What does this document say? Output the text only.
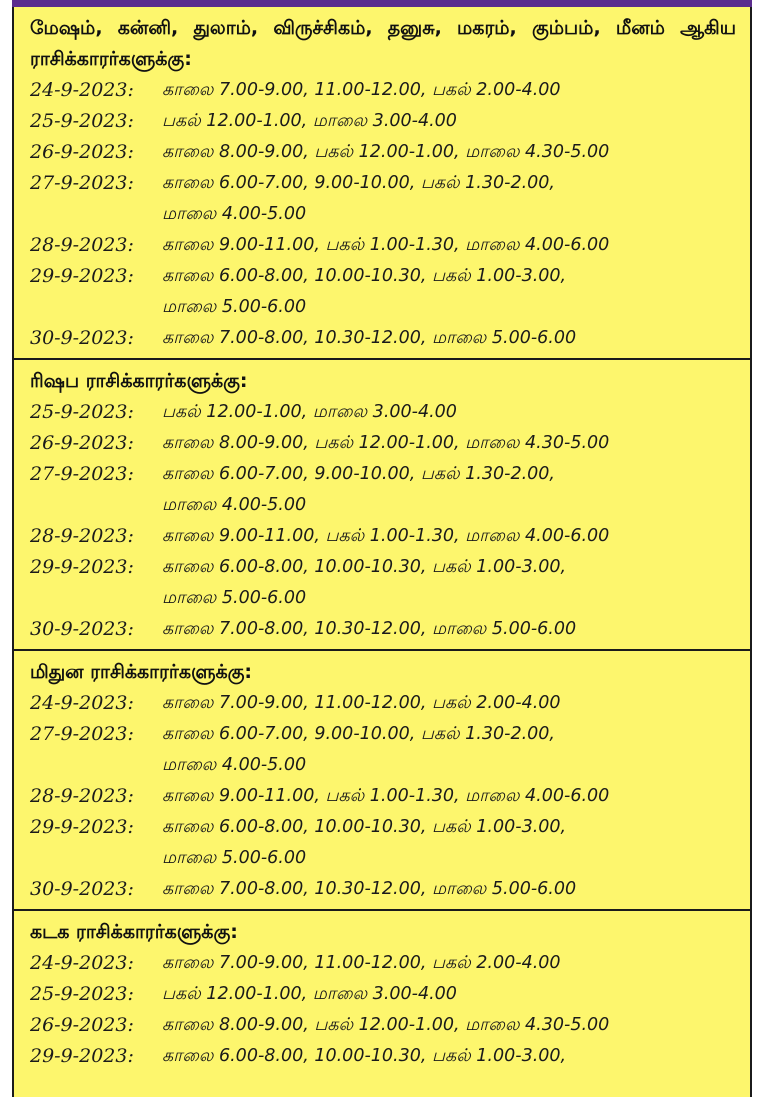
மேஷம், கன்னி, துலாம், விருச்சிகம், தனுசு, மகரம், கும்பம், மீனம் ஆகிய ராசிக்காரர்களுக்கு:
24-9-2023:	காலை 7.00-9.00, 11.00-12.00, பகல் 2.00-4.00
25-9-2023:	பகல் 12.00-1.00, மாலை 3.00-4.00
26-9-2023:	காலை 8.00-9.00, பகல் 12.00-1.00, மாலை 4.30-5.00
27-9-2023:	காலை 6.00-7.00, 9.00-10.00, பகல் 1.30-2.00,
மாலை 4.00-5.00
28-9-2023:	காலை 9.00-11.00, பகல் 1.00-1.30, மாலை 4.00-6.00
29-9-2023:	காலை 6.00-8.00, 10.00-10.30, பகல் 1.00-3.00,
மாலை 5.00-6.00
30-9-2023:	காலை 7.00-8.00, 10.30-12.00, மாலை 5.00-6.00
ரிஷப ராசிக்காரர்களுக்கு:
25-9-2023:	பகல் 12.00-1.00, மாலை 3.00-4.00
26-9-2023:	காலை 8.00-9.00, பகல் 12.00-1.00, மாலை 4.30-5.00
27-9-2023:	காலை 6.00-7.00, 9.00-10.00, பகல் 1.30-2.00,
மாலை 4.00-5.00
28-9-2023:	காலை 9.00-11.00, பகல் 1.00-1.30, மாலை 4.00-6.00
29-9-2023:	காலை 6.00-8.00, 10.00-10.30, பகல் 1.00-3.00,
மாலை 5.00-6.00
30-9-2023:	காலை 7.00-8.00, 10.30-12.00, மாலை 5.00-6.00
மிதுன ராசிக்காரர்களுக்கு:
24-9-2023:	காலை 7.00-9.00, 11.00-12.00, பகல் 2.00-4.00
27-9-2023:	காலை 6.00-7.00, 9.00-10.00, பகல் 1.30-2.00,
மாலை 4.00-5.00
28-9-2023:	காலை 9.00-11.00, பகல் 1.00-1.30, மாலை 4.00-6.00
29-9-2023:	காலை 6.00-8.00, 10.00-10.30, பகல் 1.00-3.00,
மாலை 5.00-6.00
30-9-2023:	காலை 7.00-8.00, 10.30-12.00, மாலை 5.00-6.00
கடக ராசிக்காரர்களுக்கு:
24-9-2023:	காலை 7.00-9.00, 11.00-12.00, பகல் 2.00-4.00
25-9-2023:	பகல் 12.00-1.00, மாலை 3.00-4.00
26-9-2023:	காலை 8.00-9.00, பகல் 12.00-1.00, மாலை 4.30-5.00
29-9-2023:	காலை 6.00-8.00, 10.00-10.30, பகல் 1.00-3.00,
